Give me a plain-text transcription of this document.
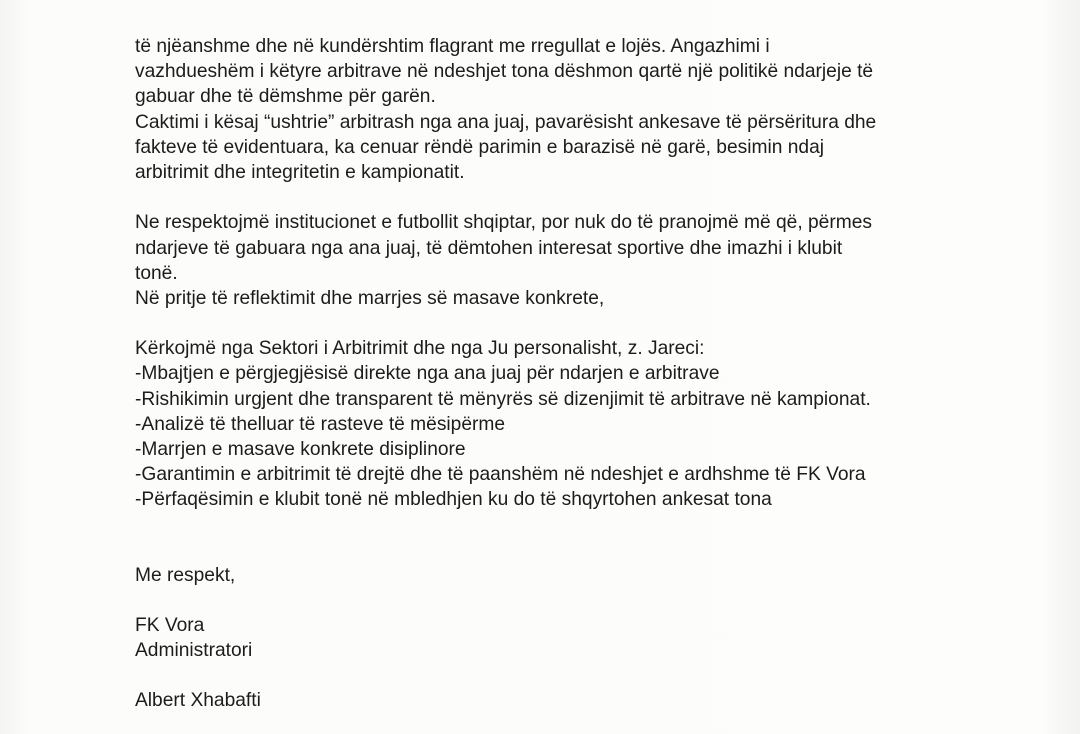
të njëanshme dhe në kundërshtim flagrant me rregullat e lojës. Angazhimi i
vazhdueshëm i këtyre arbitrave në ndeshjet tona dëshmon qartë një politikë ndarjeje të
gabuar dhe të dëmshme për garën.
Caktimi i kësaj “ushtrie” arbitrash nga ana juaj, pavarësisht ankesave të përsëritura dhe
fakteve të evidentuara, ka cenuar rëndë parimin e barazisë në garë, besimin ndaj
arbitrimit dhe integritetin e kampionatit.
Ne respektojmë institucionet e futbollit shqiptar, por nuk do të pranojmë më që, përmes
ndarjeve të gabuara nga ana juaj, të dëmtohen interesat sportive dhe imazhi i klubit
tonë.
Në pritje të reflektimit dhe marrjes së masave konkrete,
Kërkojmë nga Sektori i Arbitrimit dhe nga Ju personalisht, z. Jareci:
-Mbajtjen e përgjegjësisë direkte nga ana juaj për ndarjen e arbitrave
-Rishikimin urgjent dhe transparent të mënyrës së dizenjimit të arbitrave në kampionat.
-Analizë të thelluar të rasteve të mësipërme
-Marrjen e masave konkrete disiplinore
-Garantimin e arbitrimit të drejtë dhe të paanshëm në ndeshjet e ardhshme të FK Vora
-Përfaqësimin e klubit tonë në mbledhjen ku do të shqyrtohen ankesat tona
Me respekt,
FK Vora
Administratori
Albert Xhabafti
